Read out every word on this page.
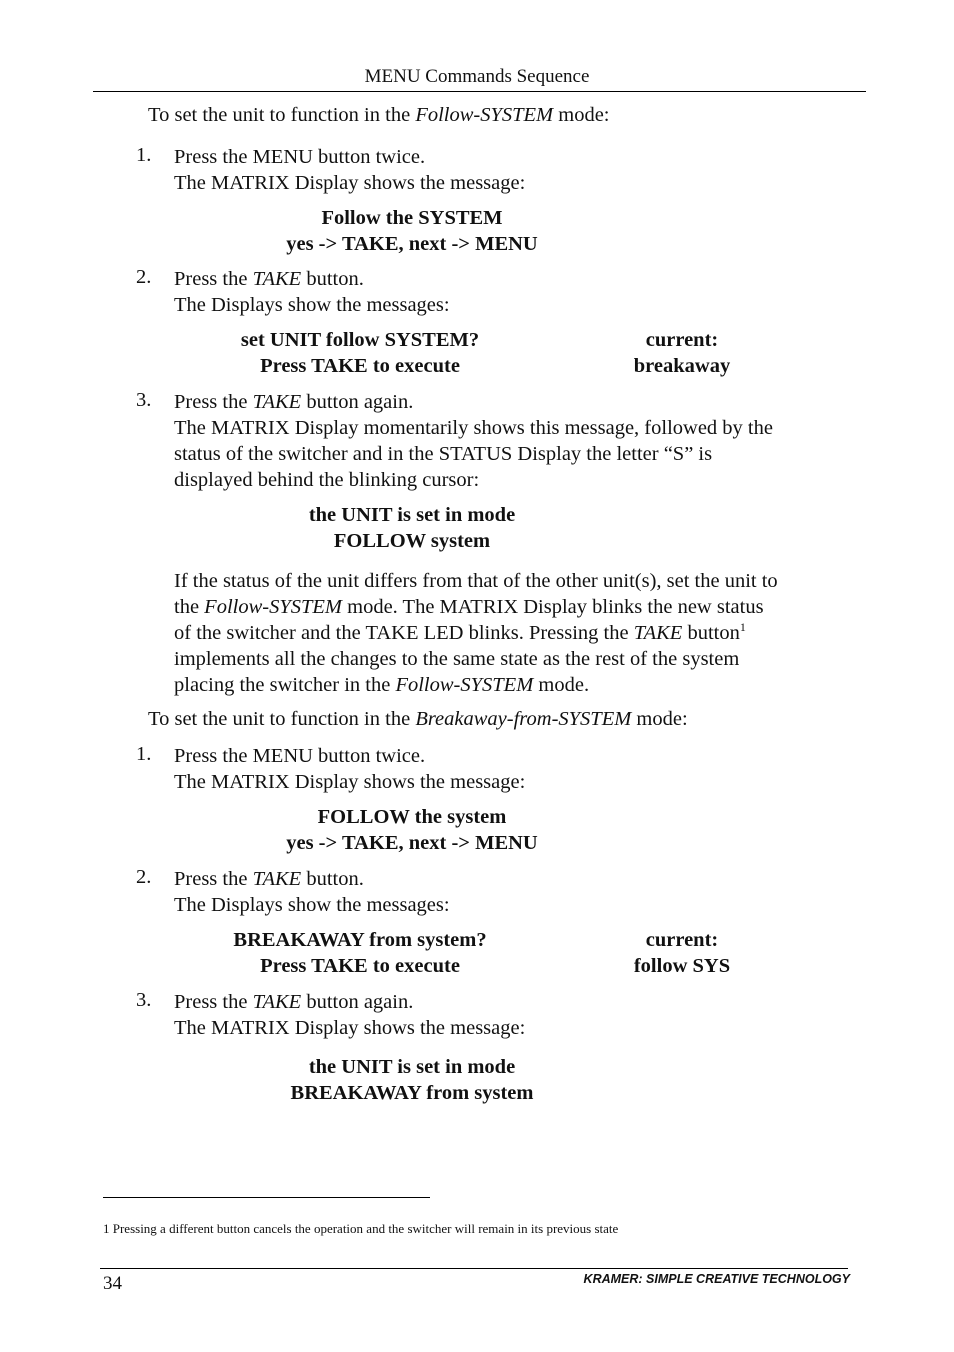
MENU Commands Sequence
To set the unit to function in the Follow-SYSTEM mode:
1. Press the MENU button twice.
The MATRIX Display shows the message:
Follow the SYSTEM
yes -> TAKE, next -> MENU
2. Press the TAKE button.
The Displays show the messages:
set UNIT follow SYSTEM?
Press TAKE to execute
current:
breakaway
3. Press the TAKE button again.
The MATRIX Display momentarily shows this message, followed by the
status of the switcher and in the STATUS Display the letter “S” is
displayed behind the blinking cursor:
the UNIT is set in mode
FOLLOW system
If the status of the unit differs from that of the other unit(s), set the unit to
the Follow-SYSTEM mode. The MATRIX Display blinks the new status
of the switcher and the TAKE LED blinks. Pressing the TAKE button$^1$
implements all the changes to the same state as the rest of the system
placing the switcher in the Follow-SYSTEM mode.
To set the unit to function in the Breakaway-from-SYSTEM mode:
1. Press the MENU button twice.
The MATRIX Display shows the message:
FOLLOW the system
yes -> TAKE, next -> MENU
2. Press the TAKE button.
The Displays show the messages:
BREAKAWAY from system?
Press TAKE to execute
current:
follow SYS
3. Press the TAKE button again.
The MATRIX Display shows the message:
the UNIT is set in mode
BREAKAWAY from system
1 Pressing a different button cancels the operation and the switcher will remain in its previous state
34	KRAMER: SIMPLE CREATIVE TECHNOLOGY
